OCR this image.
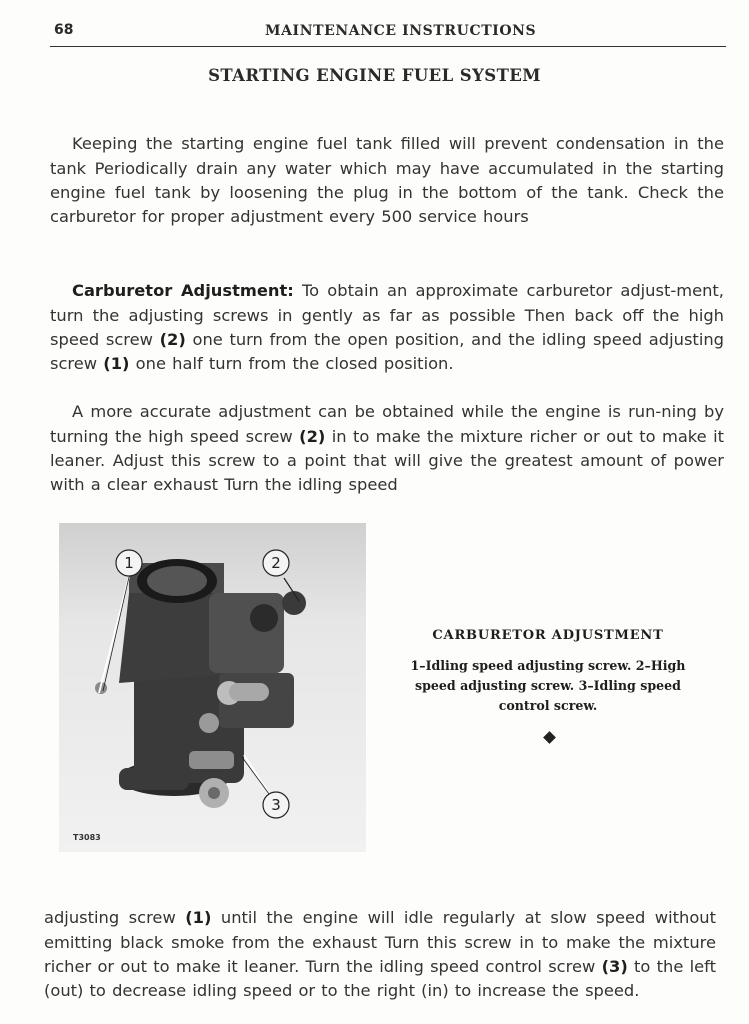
68	MAINTENANCE INSTRUCTIONS
STARTING ENGINE FUEL SYSTEM

Keeping the starting engine fuel tank filled will prevent condensation in the tank Periodically drain any water which may have accumulated in the starting engine fuel tank by loosening the plug in the bottom of the tank. Check the carburetor for proper adjustment every 500 service hours

Carburetor Adjustment: To obtain an approximate carburetor adjust-ment, turn the adjusting screws in gently as far as possible Then back off the high speed screw (2) one turn from the open position, and the idling speed adjusting screw (1) one half turn from the closed position.

A more accurate adjustment can be obtained while the engine is run-ning by turning the high speed screw (2) in to make the mixture richer or out to make it leaner. Adjust this screw to a point that will give the greatest amount of power with a clear exhaust Turn the idling speed

T3083
1	2
3
CARBURETOR ADJUSTMENT
1–Idling speed adjusting screw. 2–High speed adjusting screw. 3–Idling speed control screw.

adjusting screw (1) until the engine will idle regularly at slow speed without emitting black smoke from the exhaust Turn this screw in to make the mixture richer or out to make it leaner. Turn the idling speed control screw (3) to the left (out) to decrease idling speed or to the right (in) to increase the speed.
